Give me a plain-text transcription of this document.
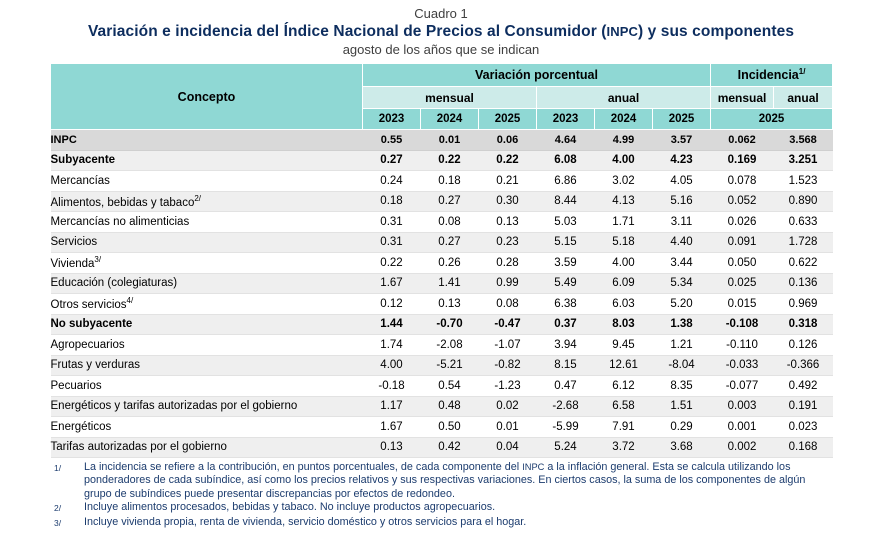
Cuadro 1
Variación e incidencia del Índice Nacional de Precios al Consumidor (INPC) y sus componentes
agosto de los años que se indican
Concepto	Variación porcentual						Incidencia$^{1/}$
	mensual			anual			mensual	anual
	2023	2024	2025	2023	2024	2025	2025	
INPC	0.55	0.01	0.06	4.64	4.99	3.57	0.062	3.568
Subyacente	0.27	0.22	0.22	6.08	4.00	4.23	0.169	3.251
Mercancías	0.24	0.18	0.21	6.86	3.02	4.05	0.078	1.523
Alimentos, bebidas y tabaco$^{2/}$	0.18	0.27	0.30	8.44	4.13	5.16	0.052	0.890
Mercancías no alimenticias	0.31	0.08	0.13	5.03	1.71	3.11	0.026	0.633
Servicios	0.31	0.27	0.23	5.15	5.18	4.40	0.091	1.728
Vivienda$^{3/}$	0.22	0.26	0.28	3.59	4.00	3.44	0.050	0.622
Educación (colegiaturas)	1.67	1.41	0.99	5.49	6.09	5.34	0.025	0.136
Otros servicios$^{4/}$	0.12	0.13	0.08	6.38	6.03	5.20	0.015	0.969
No subyacente	1.44	-0.70	-0.47	0.37	8.03	1.38	-0.108	0.318
Agropecuarios	1.74	-2.08	-1.07	3.94	9.45	1.21	-0.110	0.126
Frutas y verduras	4.00	-5.21	-0.82	8.15	12.61	-8.04	-0.033	-0.366
Pecuarios	-0.18	0.54	-1.23	0.47	6.12	8.35	-0.077	0.492
Energéticos y tarifas autorizadas por el gobierno	1.17	0.48	0.02	-2.68	6.58	1.51	0.003	0.191
Energéticos	1.67	0.50	0.01	-5.99	7.91	0.29	0.001	0.023
Tarifas autorizadas por el gobierno	0.13	0.42	0.04	5.24	3.72	3.68	0.002	0.168
1/	La incidencia se refiere a la contribución, en puntos porcentuales, de cada componente del INPC a la inflación general. Esta se calcula utilizando los ponderadores de cada subíndice, así como los precios relativos y sus respectivas variaciones. En ciertos casos, la suma de los componentes de algún grupo de subíndices puede presentar discrepancias por efectos de redondeo.
2/	Incluye alimentos procesados, bebidas y tabaco. No incluye productos agropecuarios.
3/	Incluye vivienda propia, renta de vivienda, servicio doméstico y otros servicios para el hogar.
